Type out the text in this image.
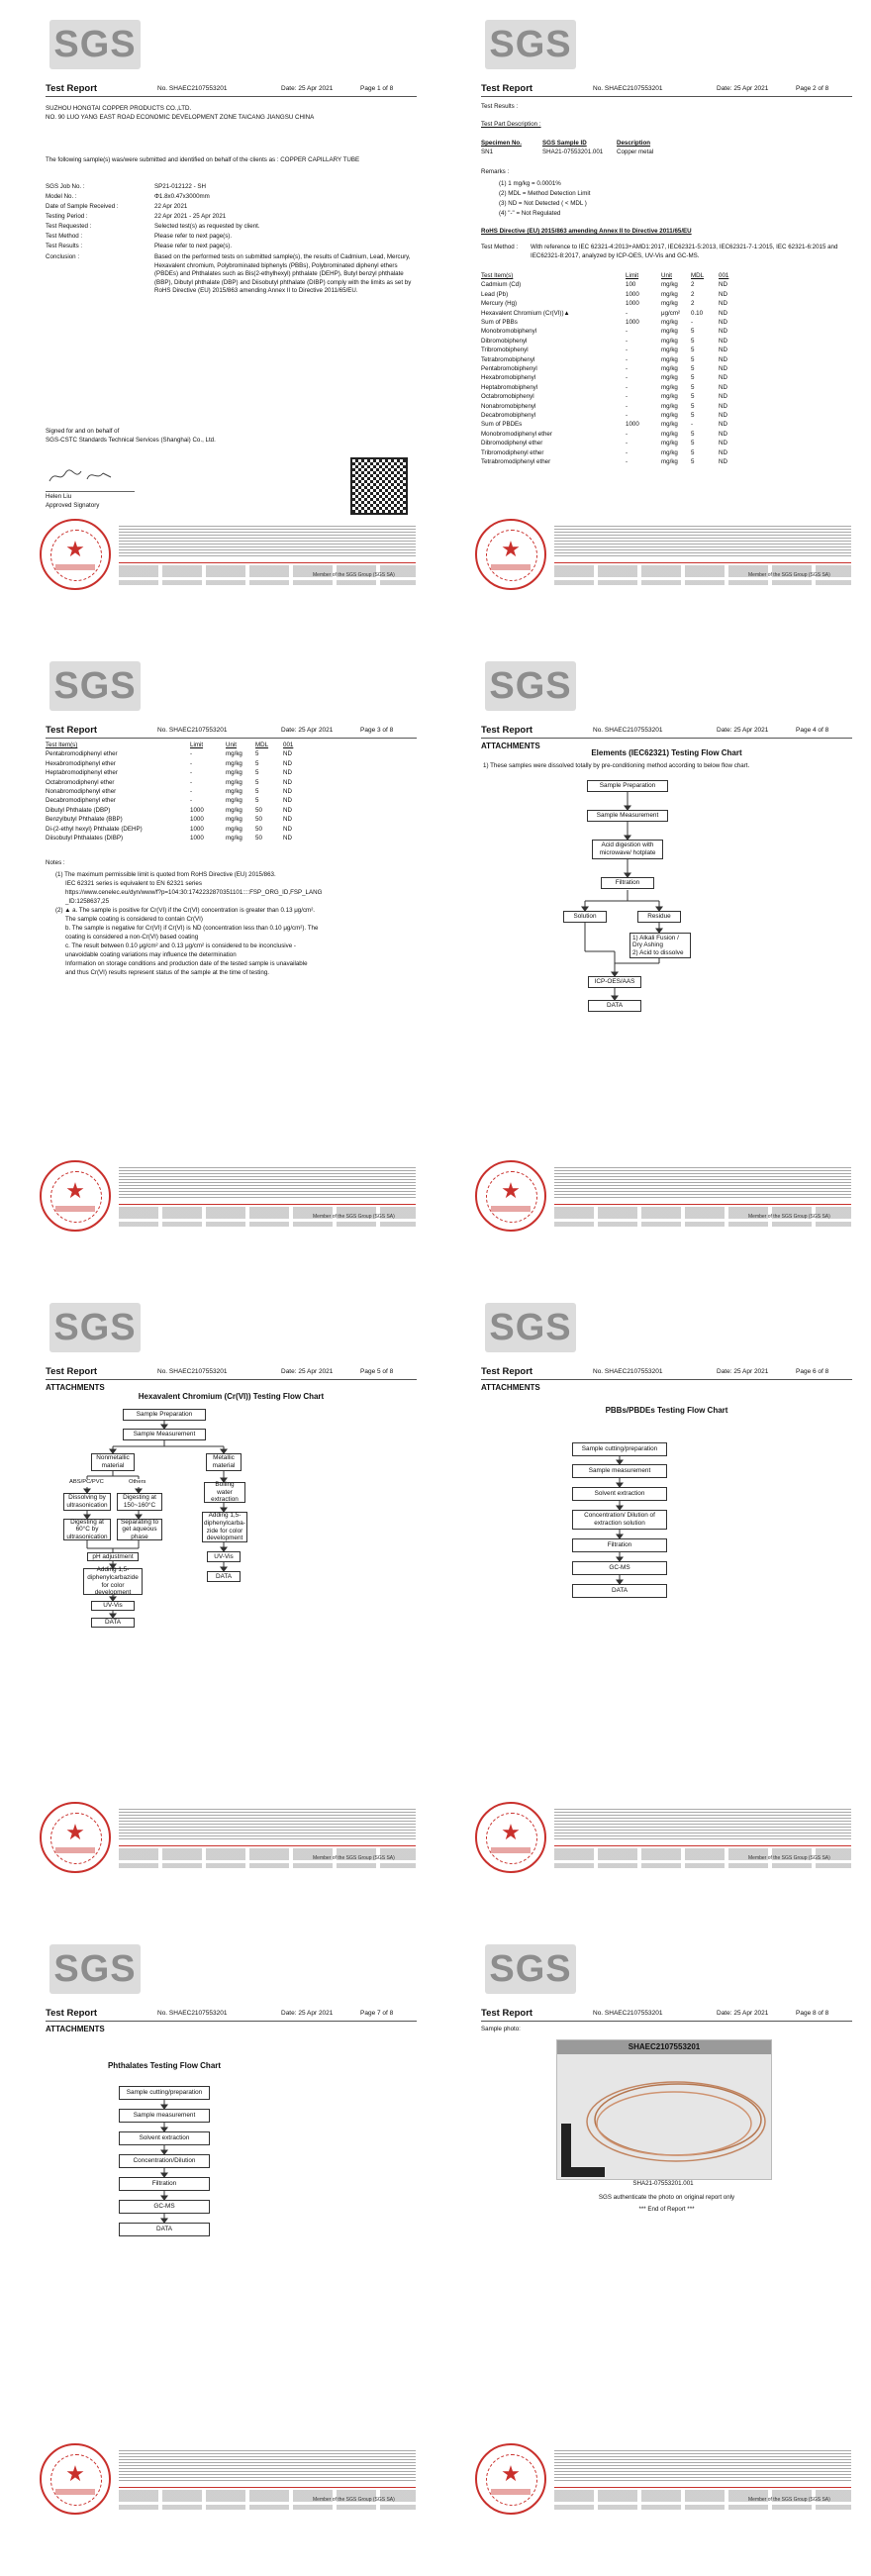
SGS
Test Report	No. SHAEC2107553201	Date: 25 Apr 2021	Page 1 of 8
SUZHOU HONGTAI COPPER PRODUCTS CO.,LTD.
NO. 90 LUO YANG EAST ROAD ECONOMIC DEVELOPMENT ZONE TAICANG JIANGSU CHINA
The following sample(s) was/were submitted and identified on behalf of the clients as : COPPER CAPILLARY TUBE
SGS Job No. :	SP21-012122 - SH
Model No. :	Φ1.8x0.47x3000mm
Date of Sample Received :	22 Apr 2021
Testing Period :	22 Apr 2021 - 25 Apr 2021
Test Requested :	Selected test(s) as requested by client.
Test Method :	Please refer to next page(s).
Test Results :	Please refer to next page(s).
Conclusion :	Based on the performed tests on submitted sample(s), the results of Cadmium, Lead, Mercury, Hexavalent chromium, Polybrominated biphenyls (PBBs), Polybrominated diphenyl ethers (PBDEs) and Phthalates such as Bis(2-ethylhexyl) phthalate (DEHP), Butyl benzyl phthalate (BBP), Dibutyl phthalate (DBP) and Diisobutyl phthalate (DIBP) comply with the limits as set by RoHS Directive (EU) 2015/863 amending Annex II to Directive 2011/65/EU.
Signed for and on behalf of
SGS-CSTC Standards Technical Services (Shanghai) Co., Ltd.
Helen Liu
Approved Signatory
★
Member of the SGS Group (SGS SA)
SGS
Test Report	No. SHAEC2107553201	Date: 25 Apr 2021	Page 2 of 8
Test Results :
Test Part Description :
Specimen No.	SGS Sample ID	Description
SN1	SHA21-07553201.001 Copper metal
Remarks :
(1) 1 mg/kg = 0.0001%
(2) MDL = Method Detection Limit
(3) ND = Not Detected ( < MDL )
(4) "-" = Not Regulated
RoHS Directive (EU) 2015/863 amending Annex II to Directive 2011/65/EU
Test Method : With reference to IEC 62321-4:2013+AMD1:2017, IEC62321-5:2013, IEC62321-7-1:2015, IEC 62321-6:2015 and IEC62321-8:2017, analyzed by ICP-OES, UV-Vis and GC-MS.
Test Item(s)	Limit	Unit	MDL 001
Cadmium (Cd)	100	mg/kg 2	ND
Lead (Pb)	1000	mg/kg 2	ND
Mercury (Hg)	1000	mg/kg 2	ND
Hexavalent Chromium (Cr(VI))▲	-	μg/cm² 0.10	ND
Sum of PBBs	1000	mg/kg -	ND
Monobromobiphenyl	-	mg/kg 5	ND
Dibromobiphenyl	-	mg/kg 5	ND
Tribromobiphenyl	-	mg/kg 5	ND
Tetrabromobiphenyl	-	mg/kg 5	ND
Pentabromobiphenyl	-	mg/kg 5	ND
Hexabromobiphenyl	-	mg/kg 5	ND
Heptabromobiphenyl	-	mg/kg 5	ND
Octabromobiphenyl	-	mg/kg 5	ND
Nonabromobiphenyl	-	mg/kg 5	ND
Decabromobiphenyl	-	mg/kg 5	ND
Sum of PBDEs	1000	mg/kg -	ND
Monobromodiphenyl ether	-	mg/kg 5	ND
Dibromodiphenyl ether	-	mg/kg 5	ND
Tribromodiphenyl ether	-	mg/kg 5	ND
Tetrabromodiphenyl ether	-	mg/kg 5	ND
★
Member of the SGS Group (SGS SA)
SGS
Test Report	No. SHAEC2107553201	Date: 25 Apr 2021	Page 3 of 8
Test Item(s)	Limit	Unit	MDL 001
Pentabromodiphenyl ether	-	mg/kg 5	ND
Hexabromodiphenyl ether	-	mg/kg 5	ND
Heptabromodiphenyl ether	-	mg/kg 5	ND
Octabromodiphenyl ether	-	mg/kg 5	ND
Nonabromodiphenyl ether	-	mg/kg 5	ND
Decabromodiphenyl ether	-	mg/kg 5	ND
Dibutyl Phthalate (DBP)	1000	mg/kg 50	ND
Benzylbutyl Phthalate (BBP)	1000	mg/kg 50	ND
Di-(2-ethyl hexyl) Phthalate (DEHP)	1000	mg/kg 50	ND
Diisobutyl Phthalates (DIBP)	1000	mg/kg 50	ND
Notes :
(1) The maximum permissible limit is quoted from RoHS Directive (EU) 2015/863.
IEC 62321 series is equivalent to EN 62321 series
https://www.cenelec.eu/dyn/www/f?p=104:30:1742232870351101::::FSP_ORG_ID,FSP_LANG
_ID:1258637,25
(2) ▲ a. The sample is positive for Cr(VI) if the Cr(VI) concentration is greater than 0.13 μg/cm².
The sample coating is considered to contain Cr(VI)
b. The sample is negative for Cr(VI) if Cr(VI) is ND (concentration less than 0.10 μg/cm²). The
coating is considered a non-Cr(VI) based coating
c. The result between 0.10 μg/cm² and 0.13 μg/cm² is considered to be inconclusive -
unavoidable coating variations may influence the determination
Information on storage conditions and production date of the tested sample is unavailable
and thus Cr(VI) results represent status of the sample at the time of testing.
★
Member of the SGS Group (SGS SA)
SGS
Test Report	No. SHAEC2107553201	Date: 25 Apr 2021	Page 4 of 8
ATTACHMENTS
Elements (IEC62321) Testing Flow Chart
1) These samples were dissolved totally by pre-conditioning method according to below flow chart.
Sample Preparation
Sample Measurement
Acid digestion with microwave/ hotplate
Filtration
Solution	Residue
1) Alkali Fusion / Dry Ashing
2) Acid to dissolve
ICP-OES/AAS
DATA
★
Member of the SGS Group (SGS SA)
SGS
Test Report	No. SHAEC2107553201	Date: 25 Apr 2021	Page 5 of 8
ATTACHMENTS
Hexavalent Chromium (Cr(VI)) Testing Flow Chart
Sample Preparation
Sample Measurement
Nonmetallic material
Metallic material
ABS/PC/PVC	Others
Dissolving by ultrasonication
Digesting at 150~160°C
Boiling water extraction
Digesting at 60°C by ultrasonication
Separating to get aqueous phase
Adding 1,5-diphenylcarba-zide for color development
pH adjustment	UV-Vis
Adding 1,5-diphenylcarbazide for color development
DATA
UV-Vis
DATA
★
Member of the SGS Group (SGS SA)
SGS
Test Report	No. SHAEC2107553201	Date: 25 Apr 2021	Page 6 of 8
ATTACHMENTS
PBBs/PBDEs Testing Flow Chart
Sample cutting/preparation
Sample measurement
Solvent extraction
Concentration/ Dilution of extraction solution
Filtration
GC-MS
DATA
★
Member of the SGS Group (SGS SA)
SGS
Test Report	No. SHAEC2107553201	Date: 25 Apr 2021	Page 7 of 8
ATTACHMENTS
Phthalates Testing Flow Chart
Sample cutting/preparation
Sample measurement
Solvent extraction
Concentration/Dilution
Filtration
GC-MS
DATA
★
Member of the SGS Group (SGS SA)
SGS
Test Report	No. SHAEC2107553201	Date: 25 Apr 2021	Page 8 of 8
Sample photo:
SHAEC2107553201
SHA21-07553201.001
SGS authenticate the photo on original report only
*** End of Report ***
★
Member of the SGS Group (SGS SA)
